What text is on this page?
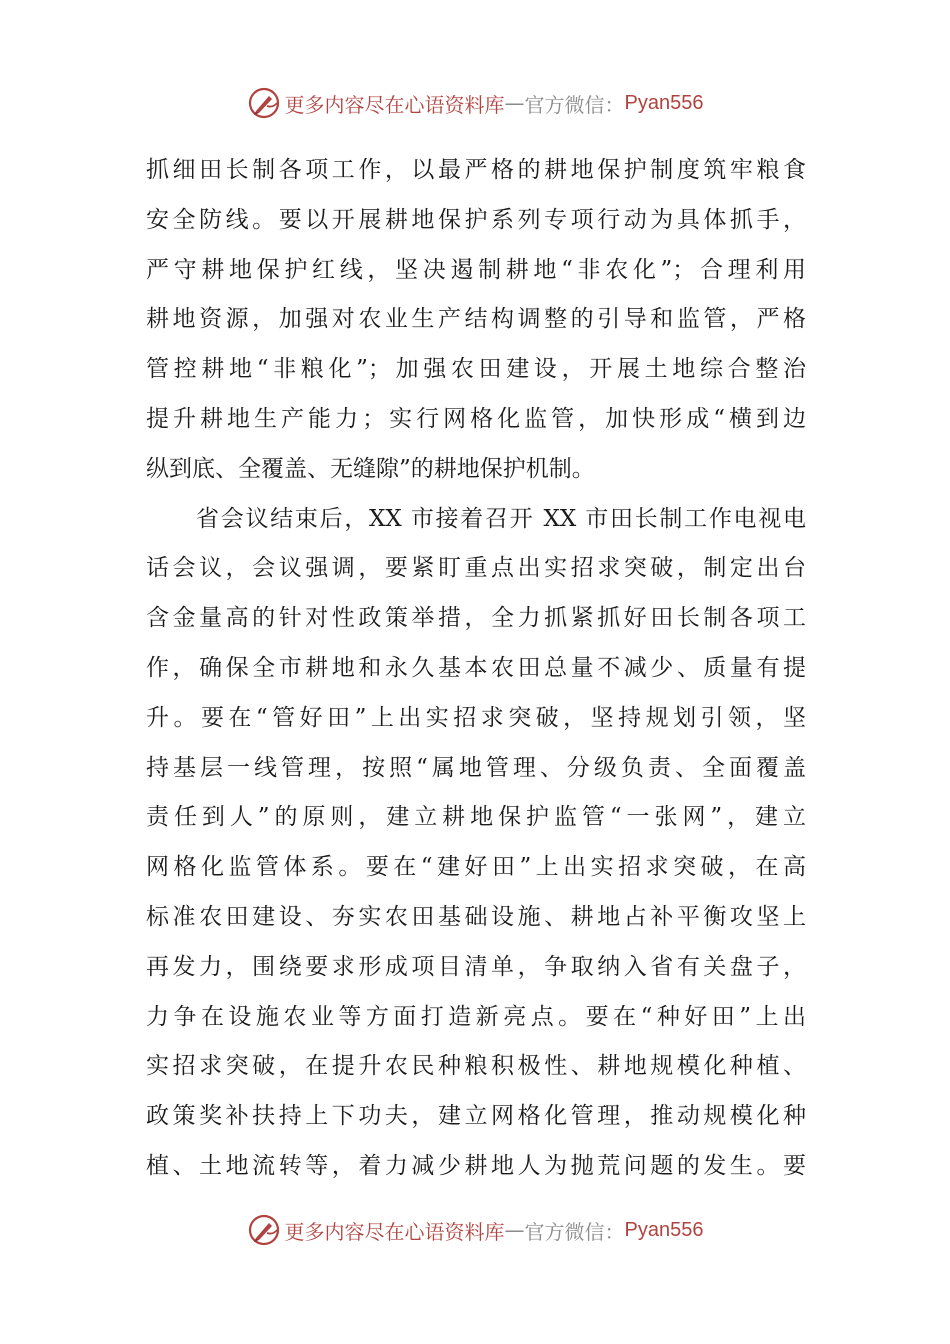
更多内容尽在心语资料库 — 官方微信： Pyan556
抓细田长制各项工作，以最严格的耕地保护制度筑牢粮食
安全防线。要以开展耕地保护系列专项行动为具体抓手，
严守耕地保护红线，坚决遏制耕地“非农化”；合理利用
耕地资源，加强对农业生产结构调整的引导和监管，严格
管控耕地“非粮化”；加强农田建设，开展土地综合整治
提升耕地生产能力；实行网格化监管，加快形成“横到边
纵到底、全覆盖、无缝隙”的耕地保护机制。
省会议结束后，XX 市接着召开 XX 市田长制工作电视电
话会议，会议强调，要紧盯重点出实招求突破，制定出台
含金量高的针对性政策举措，全力抓紧抓好田长制各项工
作，确保全市耕地和永久基本农田总量不减少、质量有提
升。要在“管好田”上出实招求突破，坚持规划引领，坚
持基层一线管理，按照“属地管理、分级负责、全面覆盖
责任到人”的原则，建立耕地保护监管“一张网”，建立
网格化监管体系。要在“建好田”上出实招求突破，在高
标准农田建设、夯实农田基础设施、耕地占补平衡攻坚上
再发力，围绕要求形成项目清单，争取纳入省有关盘子，
力争在设施农业等方面打造新亮点。要在“种好田”上出
实招求突破，在提升农民种粮积极性、耕地规模化种植、
政策奖补扶持上下功夫，建立网格化管理，推动规模化种
植、土地流转等，着力减少耕地人为抛荒问题的发生。要
更多内容尽在心语资料库 — 官方微信： Pyan556
